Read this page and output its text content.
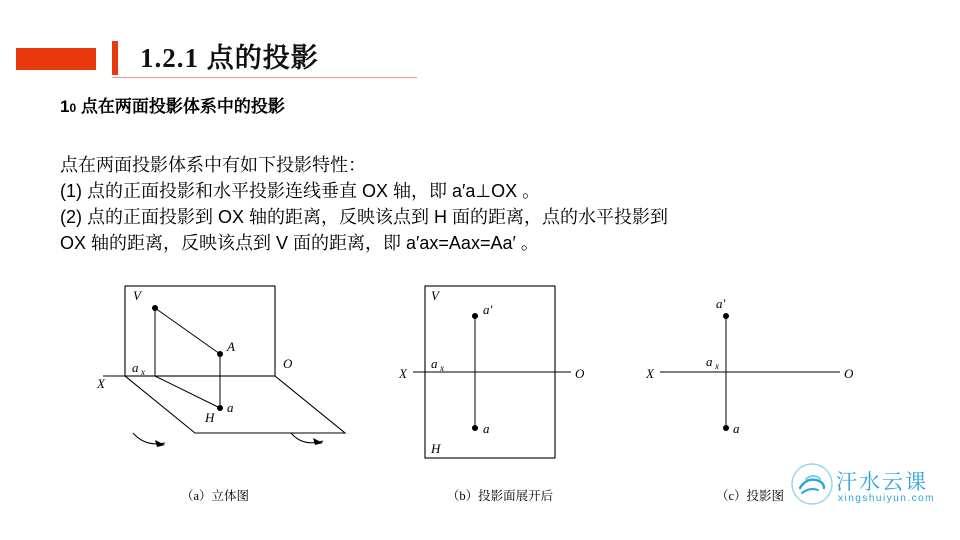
1.2.1 点的投影
10 点在两面投影体系中的投影
点在两面投影体系中有如下投影特性：
(1) 点的正面投影和水平投影连线垂直 OX 轴，即 a′a⊥OX 。
(2) 点的正面投影到 OX 轴的距离，反映该点到 H 面的距离，点的水平投影到
OX 轴的距离，反映该点到 V 面的距离，即 a′ax=Aax=Aa′ 。
V
A
H
a
O
X
a x
（a）立体图
V
H
a′
a
X	O
a x
（b）投影面展开后
a′
a
X	O
a x
（c）投影图
汗水云课
xingshuiyun.com
